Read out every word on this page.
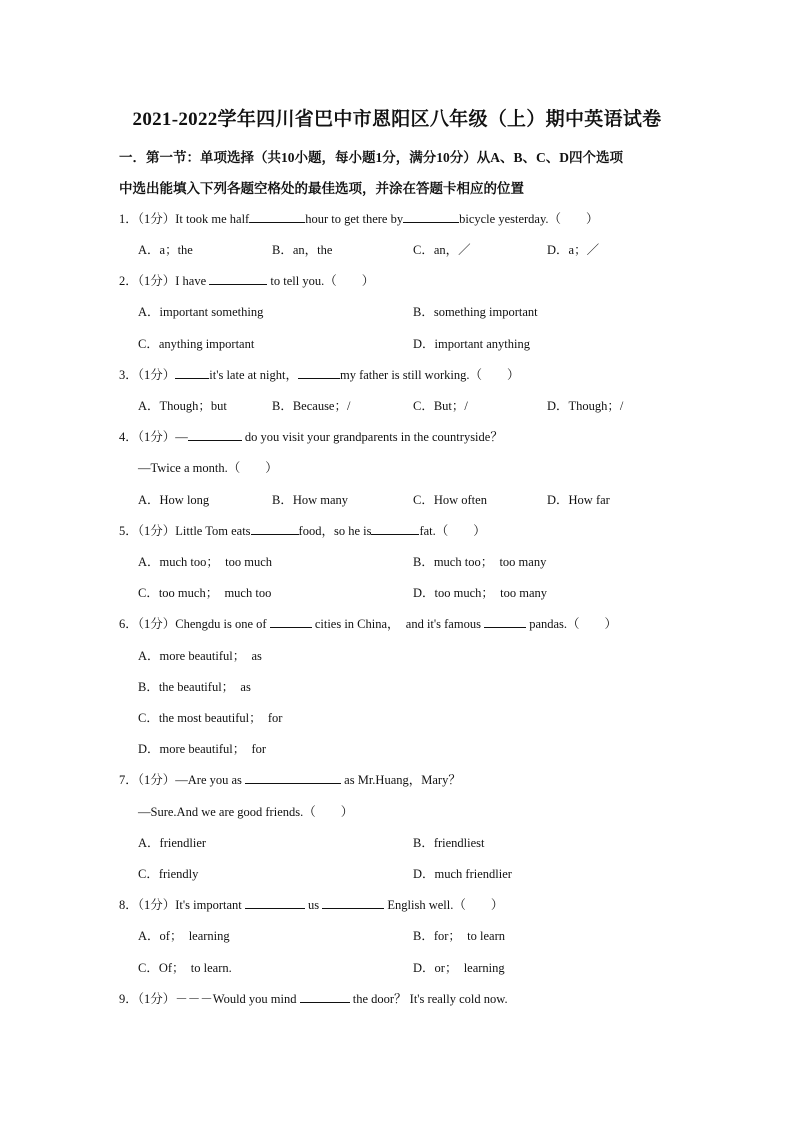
2021-2022学年四川省巴中市恩阳区八年级（上）期中英语试卷
一．第一节：单项选择（共10小题，每小题1分，满分10分）从A、B、C、D四个选项
中选出能填入下列各题空格处的最佳选项，并涂在答题卡相应的位置
1．（1分）It took me half	hour to get there by	bicycle yesterday.（　　）
A．a；the	B．an，the	C．an，／	D．a；／
2．（1分）I have	to tell you.（　　）
A．important something	B．something important
C．anything important	D．important anything
3．（1分）	it's late at night，	my father is still working.（　　）
A．Though；but	B．Because；/	C．But；/	D．Though；/
4．（1分）—	do you visit your grandparents in the countryside？
—Twice a month.（　　）
A．How long	B．How many	C．How often	D．How far
5．（1分）Little Tom eats	food，so he is	fat.（　　）
A．much too；　too much	B．much too；　too many
C．too much；　much too	D．too much；　too many
6．（1分）Chengdu is one of	cities in China，　and it's famous	pandas.（　　）
A．more beautiful；　as
B．the beautiful；　as
C．the most beautiful；　for
D．more beautiful；　for
7．（1分）—Are you as	as Mr.Huang，Mary？
—Sure.And we are good friends.（　　）
A．friendlier	B．friendliest
C．friendly	D．much friendlier
8．（1分）It's important	us	English well.（　　）
A．of；　learning	B．for；　to learn
C．Of；　to learn.	D．or；　learning
9．（1分）－－－Would you mind	the door？ It's really cold now.
